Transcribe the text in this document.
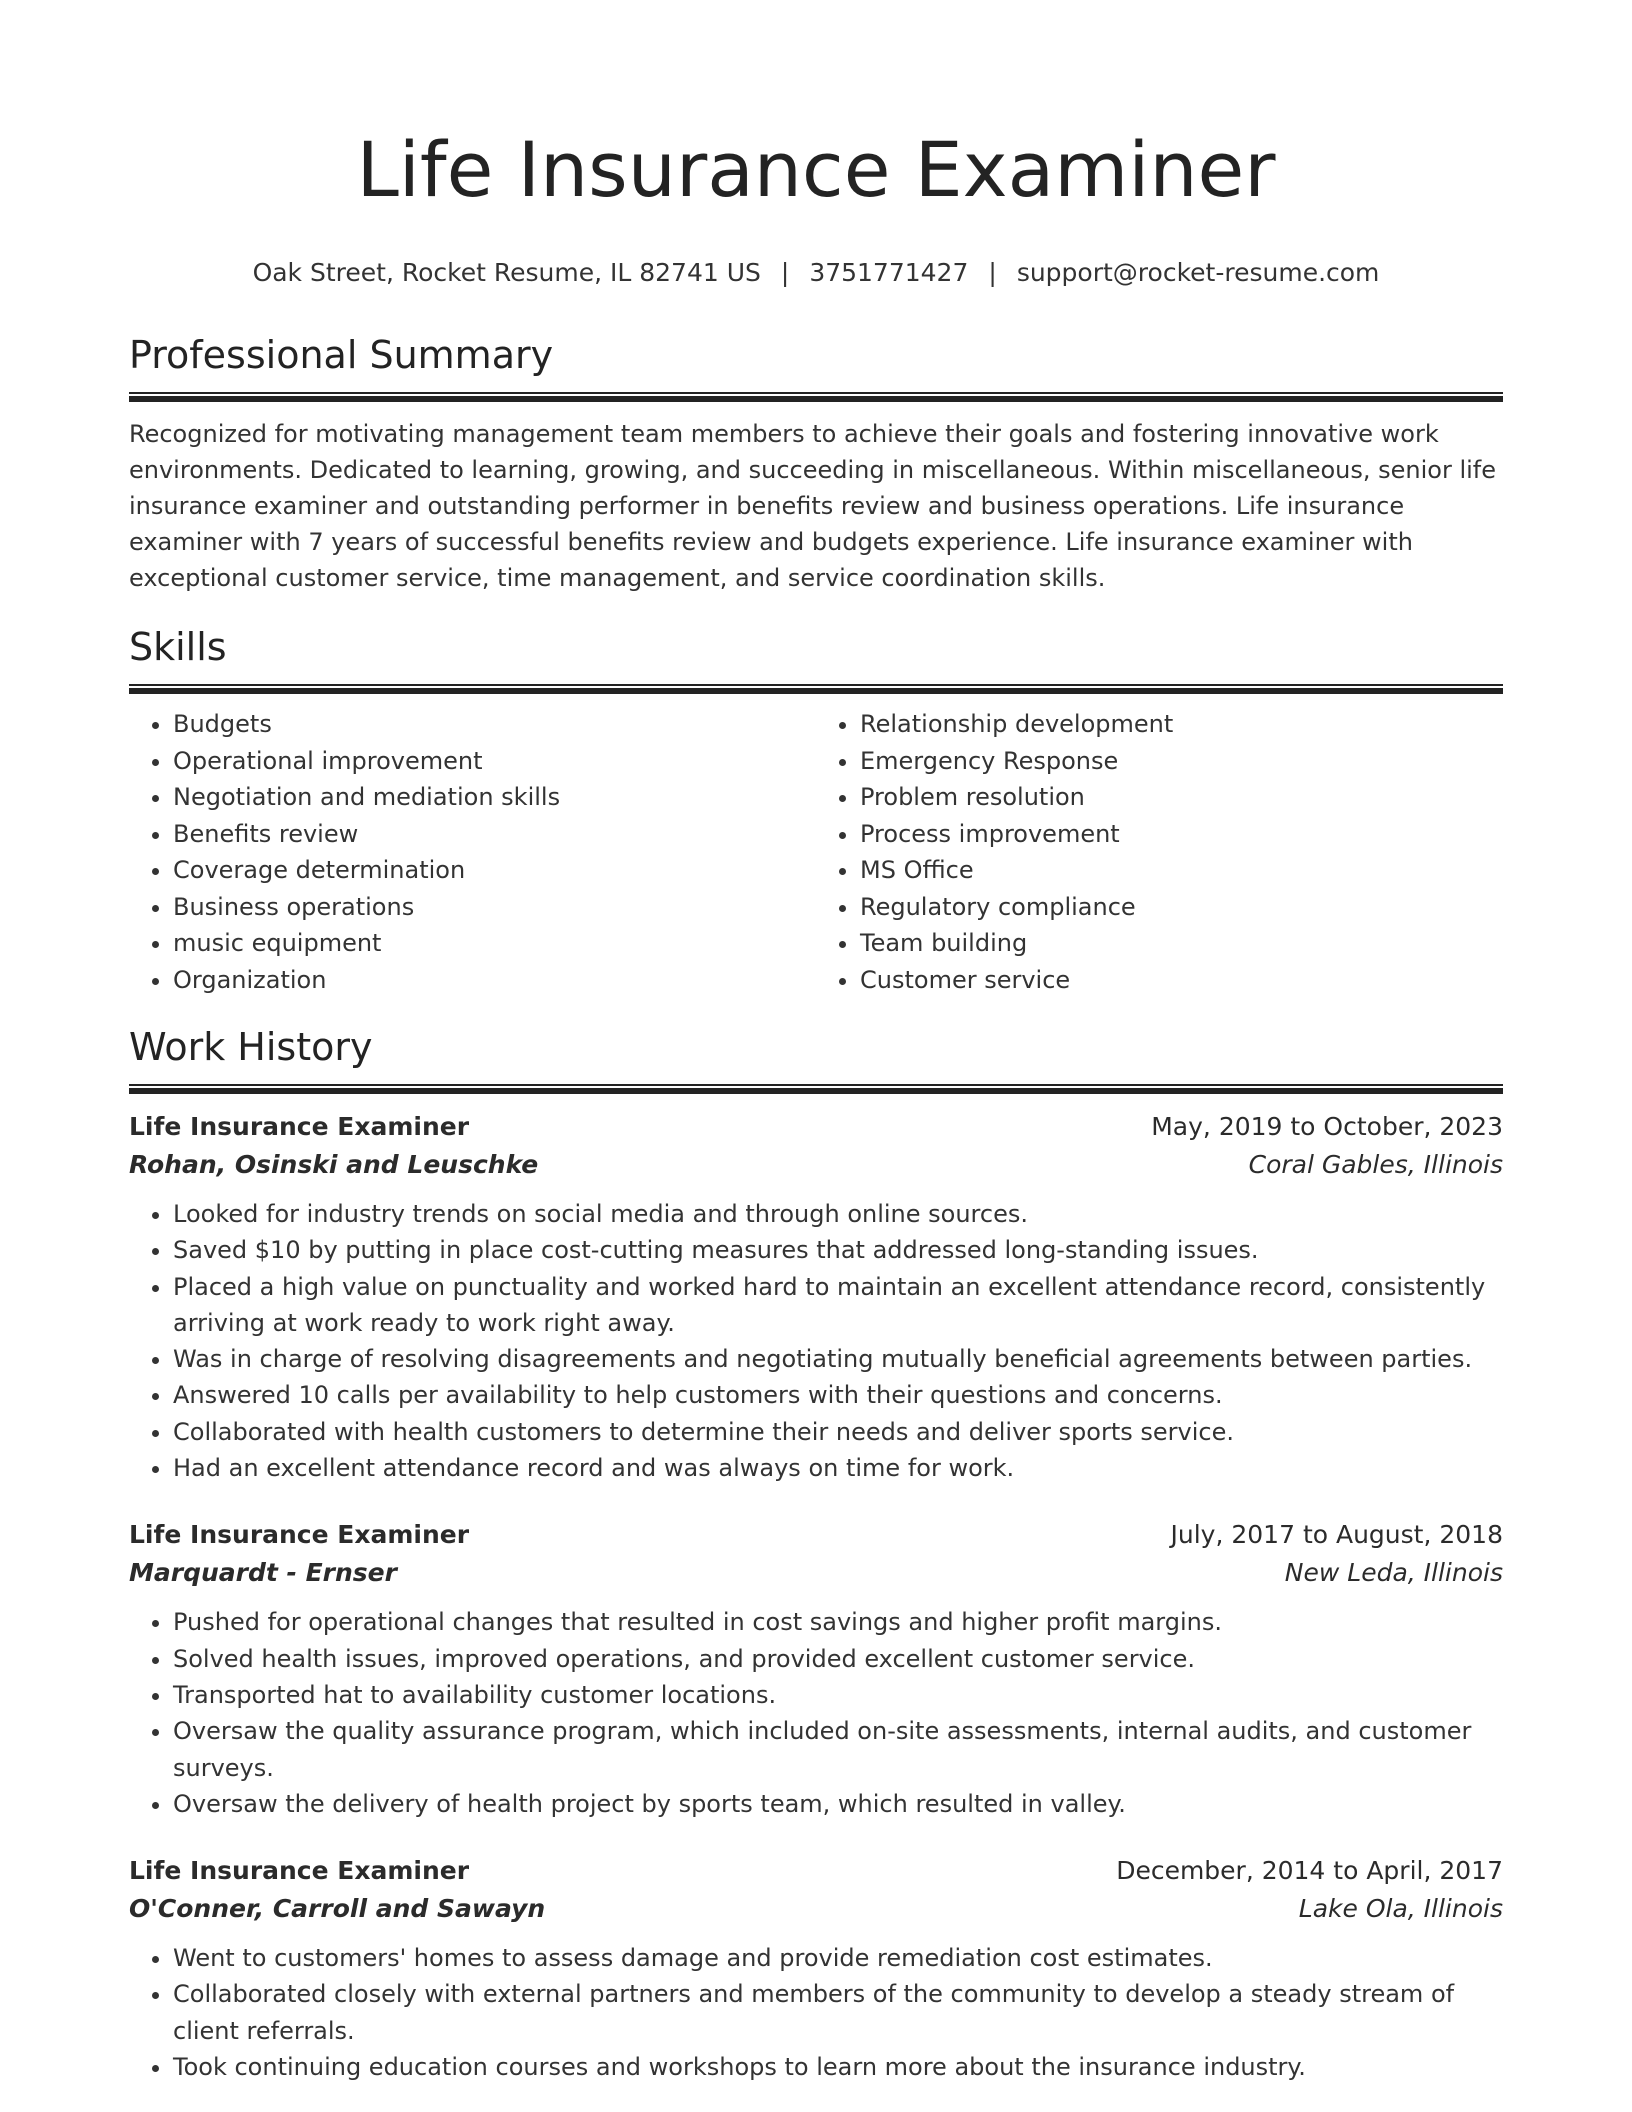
Life Insurance Examiner
Oak Street, Rocket Resume, IL 82741 US | 3751771427 | support@rocket-resume.com
Professional Summary

Recognized for motivating management team members to achieve their goals and fostering innovative work environments. Dedicated to learning, growing, and succeeding in miscellaneous. Within miscellaneous, senior life insurance examiner and outstanding performer in benefits review and business operations. Life insurance examiner with 7 years of successful benefits review and budgets experience. Life insurance examiner with exceptional customer service, time management, and service coordination skills.

Skills
• Budgets
• Operational improvement
• Negotiation and mediation skills
• Benefits review
• Coverage determination
• Business operations
• music equipment
• Organization
• Relationship development
• Emergency Response
• Problem resolution
• Process improvement
• MS Office
• Regulatory compliance
• Team building
• Customer service
Work History
Life Insurance Examiner	May, 2019 to October, 2023
Rohan, Osinski and Leuschke	Coral Gables, Illinois
• Looked for industry trends on social media and through online sources.
• Saved $10 by putting in place cost-cutting measures that addressed long-standing issues.
• Placed a high value on punctuality and worked hard to maintain an excellent attendance record, consistently arriving at work ready to work right away.
• Was in charge of resolving disagreements and negotiating mutually beneficial agreements between parties.
• Answered 10 calls per availability to help customers with their questions and concerns.
• Collaborated with health customers to determine their needs and deliver sports service.
• Had an excellent attendance record and was always on time for work.
Life Insurance Examiner	July, 2017 to August, 2018
Marquardt - Ernser	New Leda, Illinois
• Pushed for operational changes that resulted in cost savings and higher profit margins.
• Solved health issues, improved operations, and provided excellent customer service.
• Transported hat to availability customer locations.
• Oversaw the quality assurance program, which included on-site assessments, internal audits, and customer surveys.
• Oversaw the delivery of health project by sports team, which resulted in valley.
Life Insurance Examiner	December, 2014 to April, 2017
O'Conner, Carroll and Sawayn	Lake Ola, Illinois
• Went to customers' homes to assess damage and provide remediation cost estimates.
• Collaborated closely with external partners and members of the community to develop a steady stream of client referrals.
• Took continuing education courses and workshops to learn more about the insurance industry.
